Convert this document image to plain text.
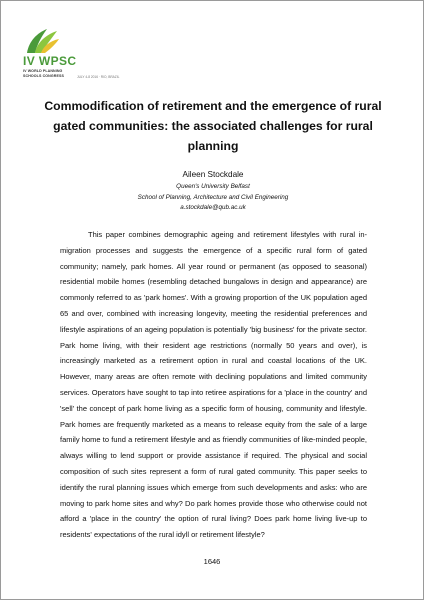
IV WPSC
IV WORLD PLANNING
SCHOOLS CONGRESS	JULY 4-8 2016 · RIO, BRAZIL
Commodification of retirement and the emergence of rural gated communities: the associated challenges for rural planning
Aileen Stockdale
Queen's University Belfast
School of Planning, Architecture and Civil Engineering
a.stockdale@qub.ac.uk

This paper combines demographic ageing and retirement lifestyles with rural in-migration processes and suggests the emergence of a specific rural form of gated community; namely, park homes. All year round or permanent (as opposed to seasonal) residential mobile homes (resembling detached bungalows in design and appearance) are commonly referred to as 'park homes'. With a growing proportion of the UK population aged 65 and over, combined with increasing longevity, meeting the residential preferences and lifestyle aspirations of an ageing population is potentially 'big business' for the private sector. Park home living, with their resident age restrictions (normally 50 years and over), is increasingly marketed as a retirement option in rural and coastal locations of the UK. However, many areas are often remote with declining populations and limited community services. Operators have sought to tap into retiree aspirations for a 'place in the country' and 'sell' the concept of park home living as a specific form of housing, community and lifestyle. Park homes are frequently marketed as a means to release equity from the sale of a large family home to fund a retirement lifestyle and as friendly communities of like-minded people, always willing to lend support or provide assistance if required. The physical and social composition of such sites represent a form of rural gated community. This paper seeks to identify the rural planning issues which emerge from such developments and asks: who are moving to park home sites and why? Do park homes provide those who otherwise could not afford a 'place in the country' the option of rural living? Does park home living live-up to residents' expectations of the rural idyll or retirement lifestyle?

1646
